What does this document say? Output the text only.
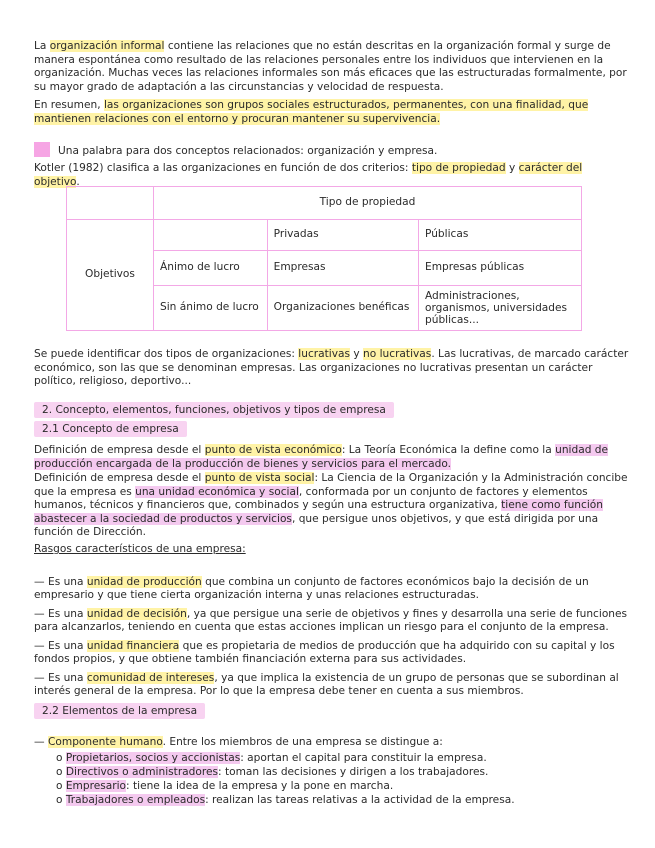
La organización informal contiene las relaciones que no están descritas en la organización formal y surge de manera espontánea como resultado de las relaciones personales entre los individuos que intervienen en la organización. Muchas veces las relaciones informales son más eficaces que las estructuradas formalmente, por su mayor grado de adaptación a las circunstancias y velocidad de respuesta.

En resumen, las organizaciones son grupos sociales estructurados, permanentes, con una finalidad, que mantienen relaciones con el entorno y procuran mantener su supervivencia.

Una palabra para dos conceptos relacionados: organización y empresa.

Kotler (1982) clasifica a las organizaciones en función de dos criterios: tipo de propiedad y carácter del objetivo.

	Tipo de propiedad		
Objetivos		Privadas	Públicas
	Ánimo de lucro	Empresas	Empresas públicas
	Sin ánimo de lucro	Organizaciones benéficas	Administraciones, organismos, universidades públicas...

Se puede identificar dos tipos de organizaciones: lucrativas y no lucrativas. Las lucrativas, de marcado carácter económico, son las que se denominan empresas. Las organizaciones no lucrativas presentan un carácter político, religioso, deportivo...

2. Concepto, elementos, funciones, objetivos y tipos de empresa

2.1 Concepto de empresa

Definición de empresa desde el punto de vista económico: La Teoría Económica la define como la unidad de producción encargada de la producción de bienes y servicios para el mercado.

Definición de empresa desde el punto de vista social: La Ciencia de la Organización y la Administración concibe que la empresa es una unidad económica y social, conformada por un conjunto de factores y elementos humanos, técnicos y financieros que, combinados y según una estructura organizativa, tiene como función abastecer a la sociedad de productos y servicios, que persigue unos objetivos, y que está dirigida por una función de Dirección.

Rasgos característicos de una empresa:

— Es una unidad de producción que combina un conjunto de factores económicos bajo la decisión de un empresario y que tiene cierta organización interna y unas relaciones estructuradas.

— Es una unidad de decisión, ya que persigue una serie de objetivos y fines y desarrolla una serie de funciones para alcanzarlos, teniendo en cuenta que estas acciones implican un riesgo para el conjunto de la empresa.

— Es una unidad financiera que es propietaria de medios de producción que ha adquirido con su capital y los fondos propios, y que obtiene también financiación externa para sus actividades.

— Es una comunidad de intereses, ya que implica la existencia de un grupo de personas que se subordinan al interés general de la empresa. Por lo que la empresa debe tener en cuenta a sus miembros.

2.2 Elementos de la empresa

— Componente humano. Entre los miembros de una empresa se distingue a:

o Propietarios, socios y accionistas: aportan el capital para constituir la empresa.

o Directivos o administradores: toman las decisiones y dirigen a los trabajadores.

o Empresario: tiene la idea de la empresa y la pone en marcha.

o Trabajadores o empleados: realizan las tareas relativas a la actividad de la empresa.
